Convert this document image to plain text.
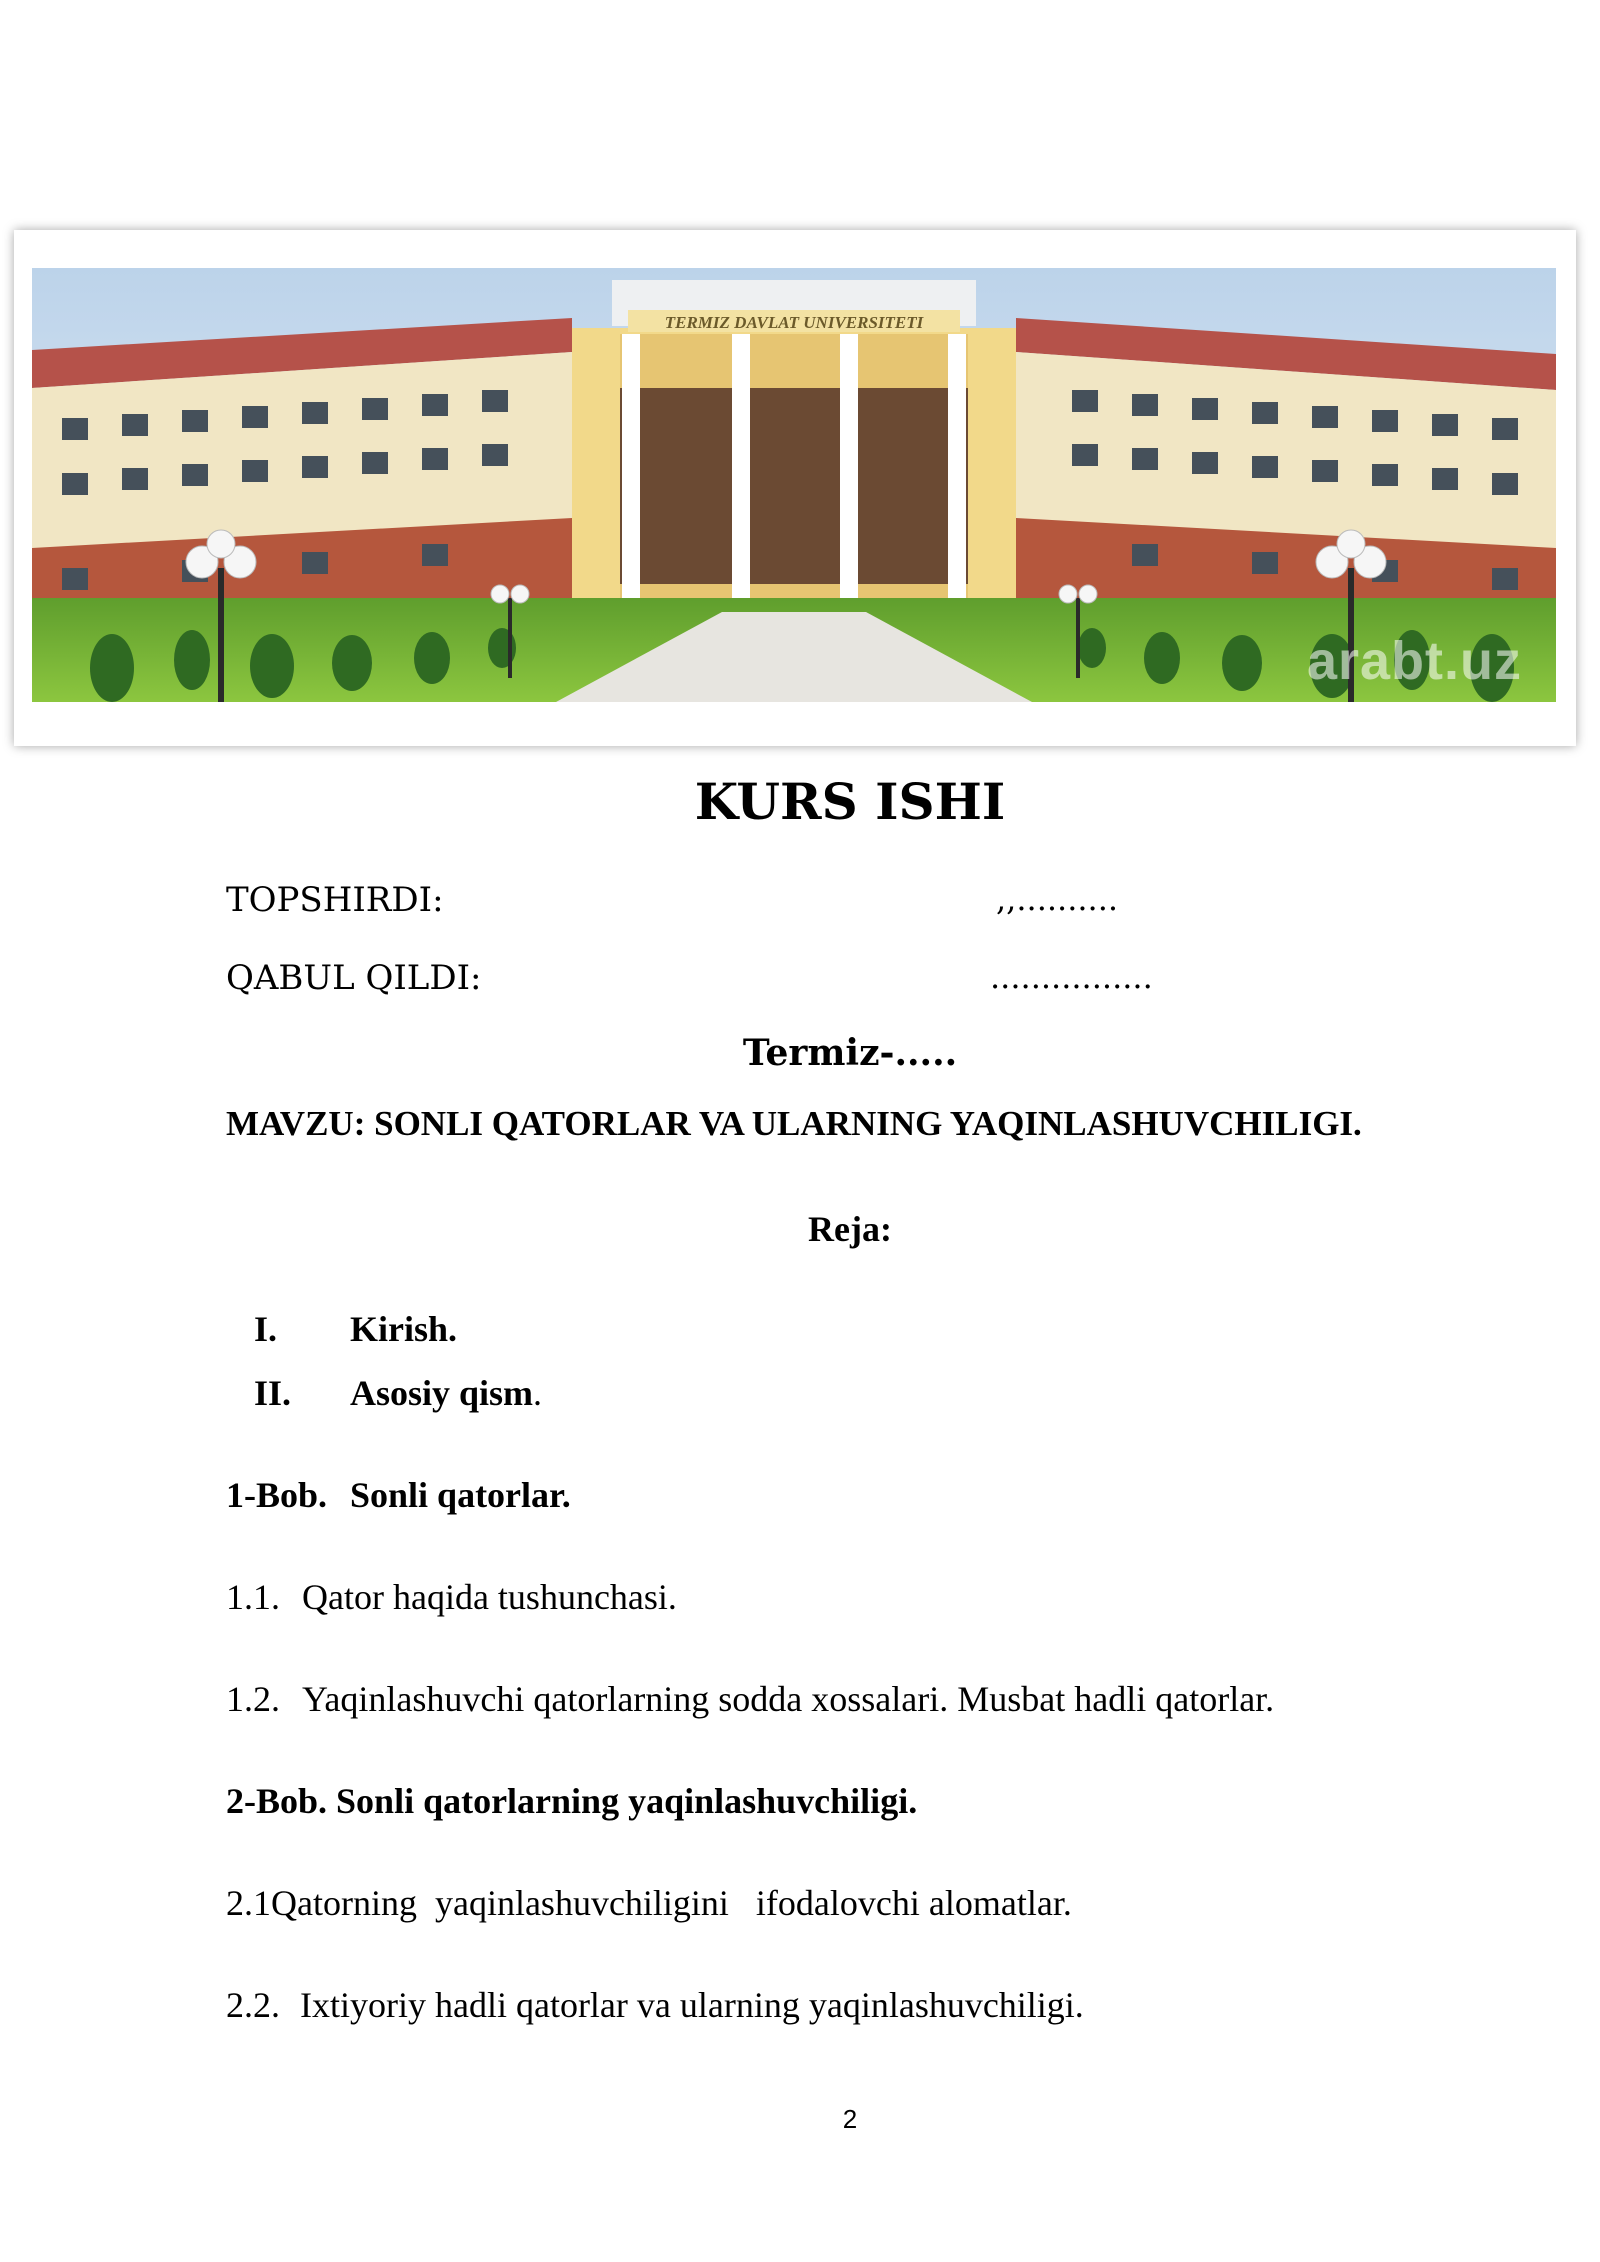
TERMIZ DAVLAT UNIVERSITETI
arabt.uz
KURS ISHI
TOPSHIRDI:	,,..........
QABUL QILDI:	................
Termiz-.....
MAVZU: SONLI QATORLAR VA ULARNING YAQINLASHUVCHILIGI.
Reja:
I. Kirish.
II. Asosiy qism.
1-Bob. Sonli qatorlar.
1.1. Qator haqida tushunchasi.
1.2. Yaqinlashuvchi qatorlarning sodda xossalari. Musbat hadli qatorlar.
2-Bob. Sonli qatorlarning yaqinlashuvchiligi.
2.1Qatorning  yaqinlashuvchiligini   ifodalovchi alomatlar.
2.2. Ixtiyoriy hadli qatorlar va ularning yaqinlashuvchiligi.
2
